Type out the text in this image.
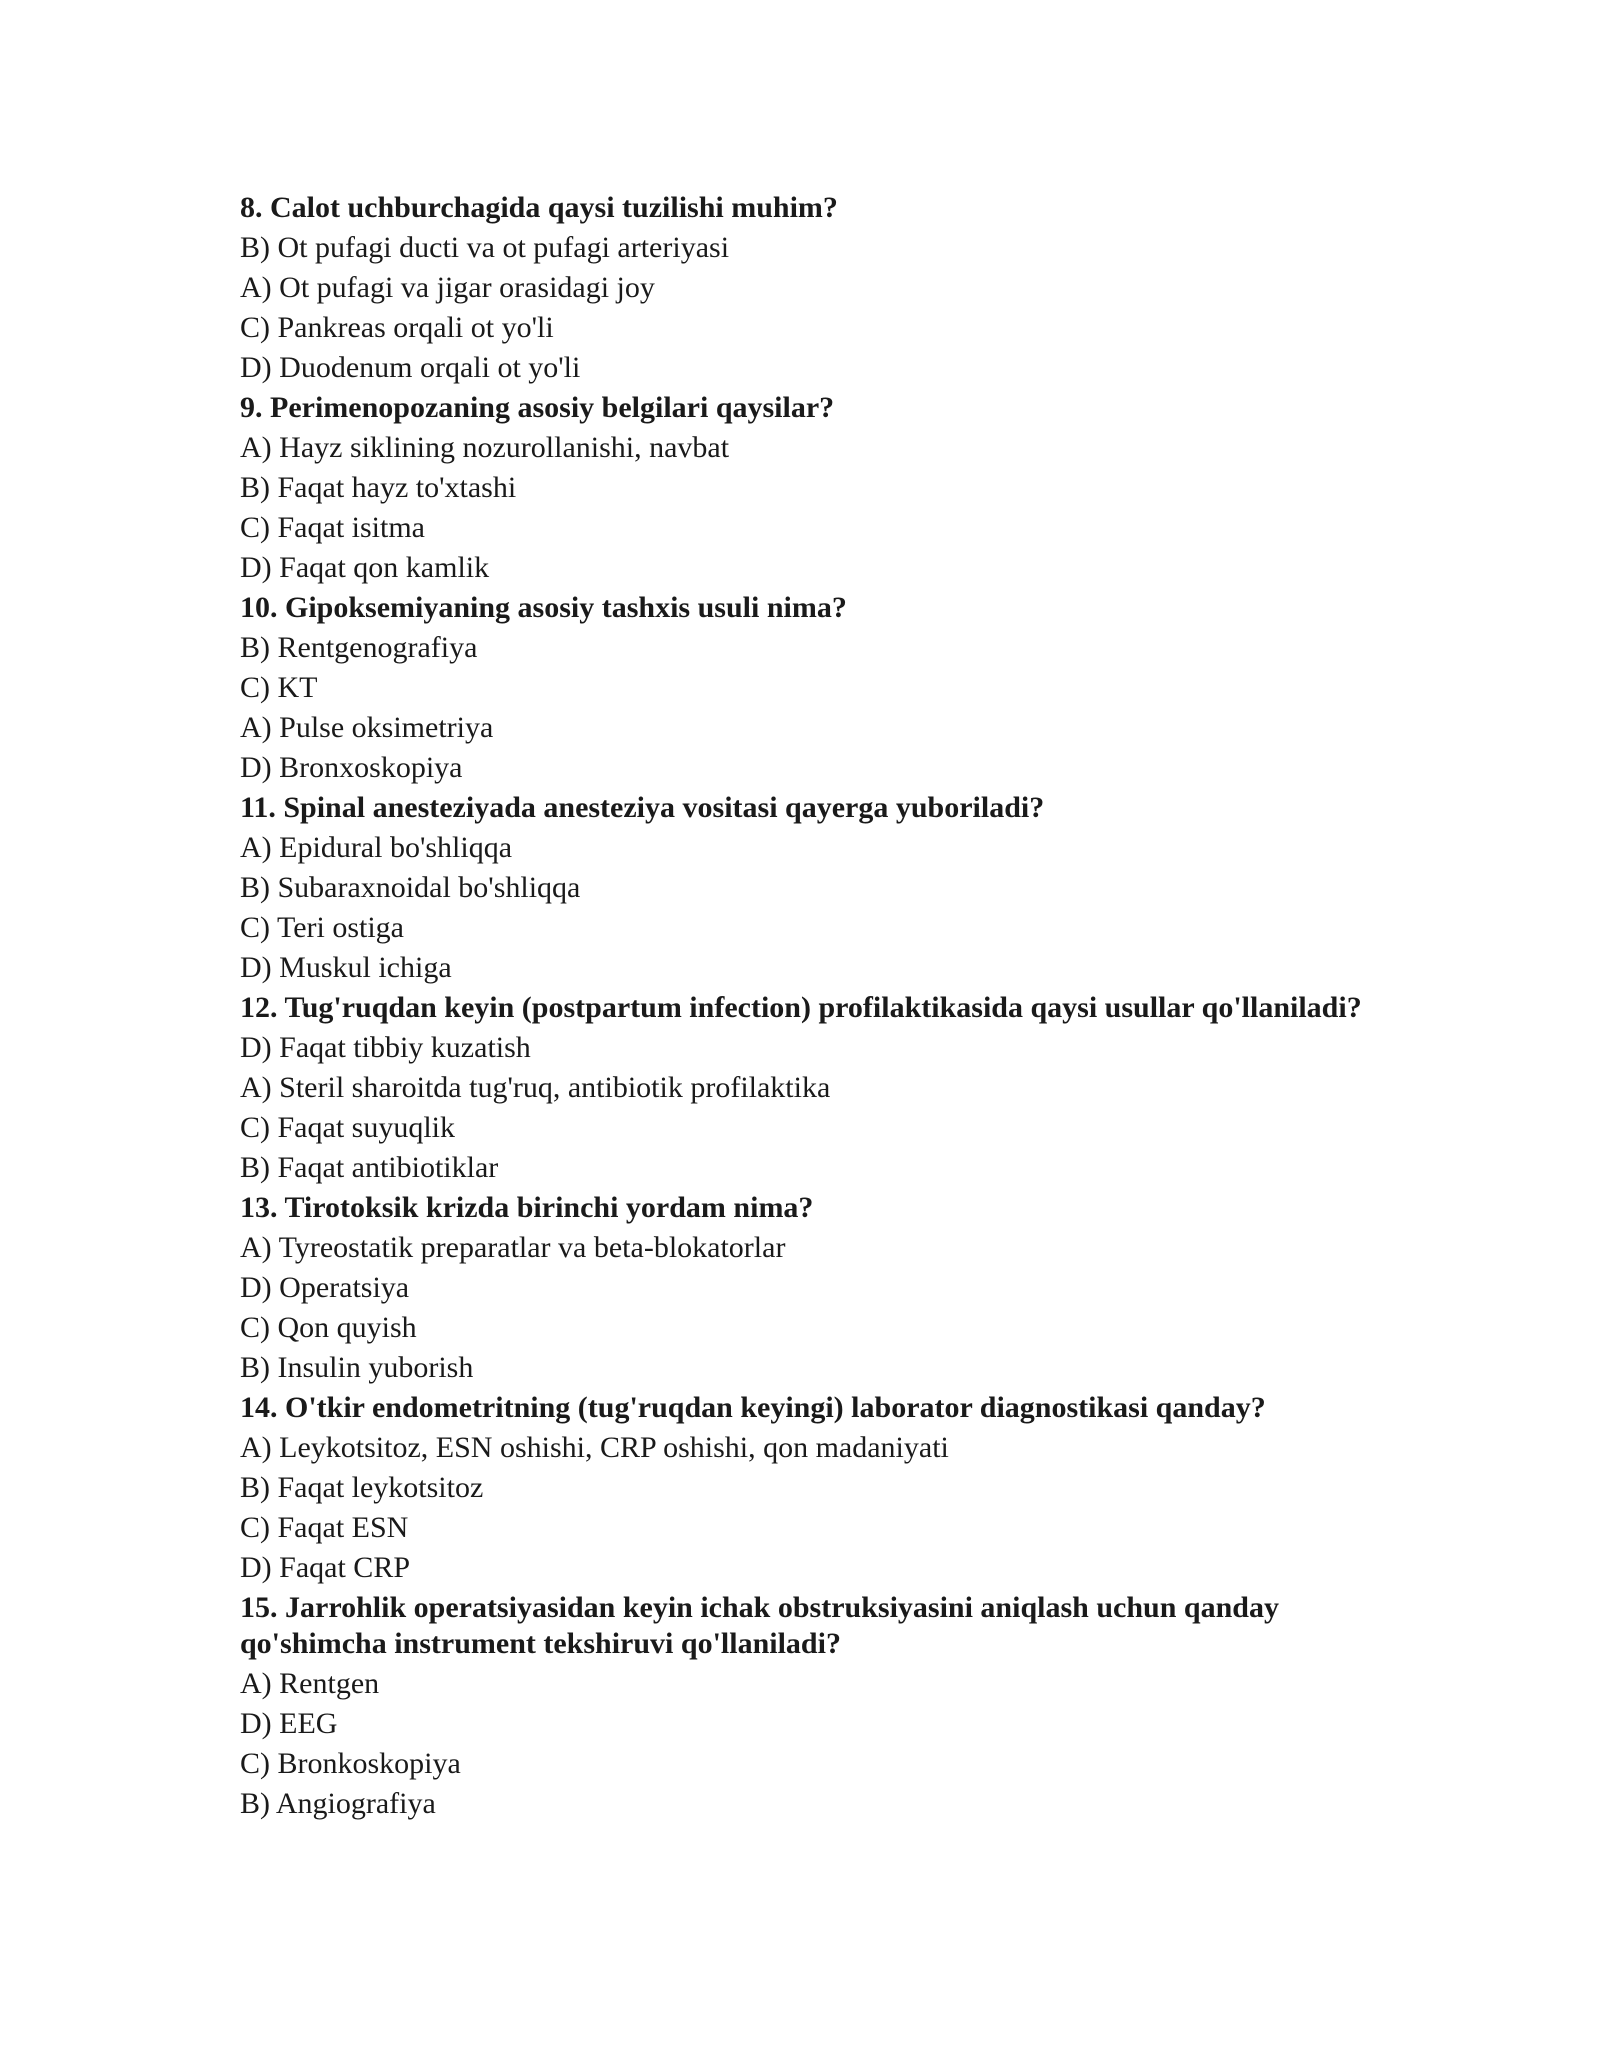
8. Calot uchburchagida qaysi tuzilishi muhim?

B) Ot pufagi ducti va ot pufagi arteriyasi

A) Ot pufagi va jigar orasidagi joy

C) Pankreas orqali ot yo'li

D) Duodenum orqali ot yo'li

9. Perimenopozaning asosiy belgilari qaysilar?

A) Hayz siklining nozurollanishi, navbat

B) Faqat hayz to'xtashi

C) Faqat isitma

D) Faqat qon kamlik

10. Gipoksemiyaning asosiy tashxis usuli nima?

B) Rentgenografiya

C) KT

A) Pulse oksimetriya

D) Bronxoskopiya

11. Spinal anesteziyada anesteziya vositasi qayerga yuboriladi?

A) Epidural bo'shliqqa

B) Subaraxnoidal bo'shliqqa

C) Teri ostiga

D) Muskul ichiga

12. Tug'ruqdan keyin (postpartum infection) profilaktikasida qaysi usullar qo'llaniladi?

D) Faqat tibbiy kuzatish

A) Steril sharoitda tug'ruq, antibiotik profilaktika

C) Faqat suyuqlik

B) Faqat antibiotiklar

13. Tirotoksik krizda birinchi yordam nima?

A) Tyreostatik preparatlar va beta-blokatorlar

D) Operatsiya

C) Qon quyish

B) Insulin yuborish

14. O'tkir endometritning (tug'ruqdan keyingi) laborator diagnostikasi qanday?

A) Leykotsitoz, ESN oshishi, CRP oshishi, qon madaniyati

B) Faqat leykotsitoz

C) Faqat ESN

D) Faqat CRP

15. Jarrohlik operatsiyasidan keyin ichak obstruksiyasini aniqlash uchun qanday qo'shimcha instrument tekshiruvi qo'llaniladi?

A) Rentgen

D) EEG

C) Bronkoskopiya

B) Angiografiya
